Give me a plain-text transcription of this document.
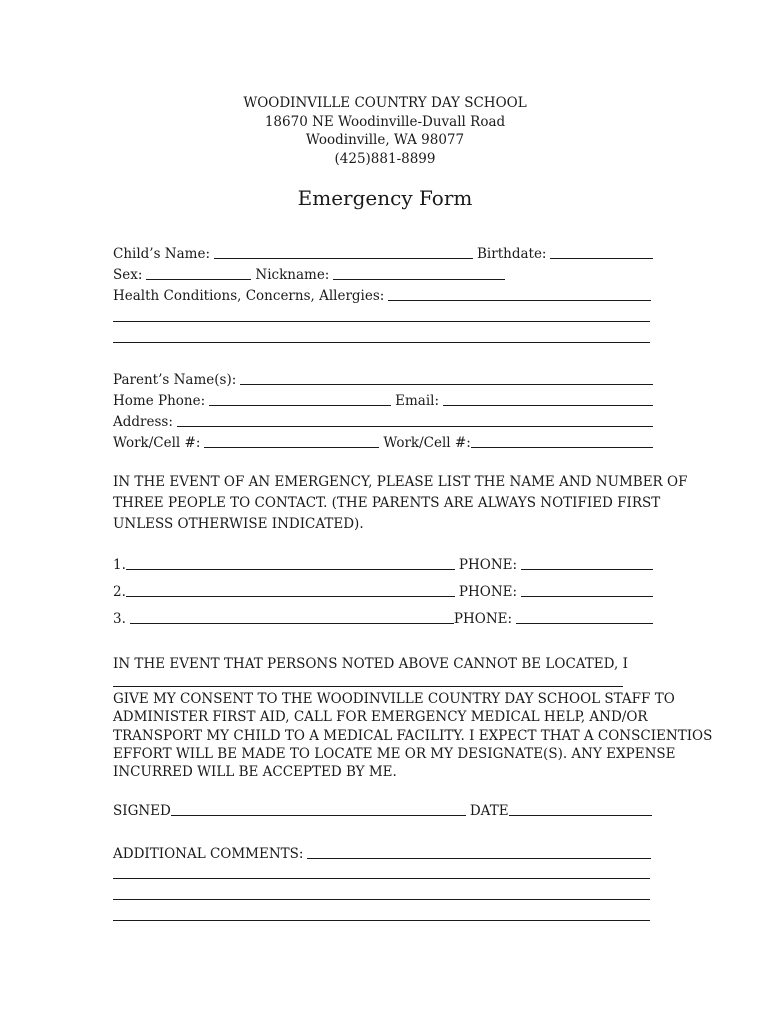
WOODINVILLE COUNTRY DAY SCHOOL
18670 NE Woodinville-Duvall Road
Woodinville, WA 98077
(425)881-8899
Emergency Form
Child’s Name:	Birthdate:
Sex:	Nickname:
Health Conditions, Concerns, Allergies:
Parent’s Name(s):
Home Phone:	Email:
Address:
Work/Cell #:	Work/Cell #:
IN THE EVENT OF AN EMERGENCY, PLEASE LIST THE NAME AND NUMBER OF
THREE PEOPLE TO CONTACT. (THE PARENTS ARE ALWAYS NOTIFIED FIRST
UNLESS OTHERWISE INDICATED).
1.	PHONE:
2.	PHONE:
3.	PHONE:
IN THE EVENT THAT PERSONS NOTED ABOVE CANNOT BE LOCATED, I
GIVE MY CONSENT TO THE WOODINVILLE COUNTRY DAY SCHOOL STAFF TO
ADMINISTER FIRST AID, CALL FOR EMERGENCY MEDICAL HELP, AND/OR
TRANSPORT MY CHILD TO A MEDICAL FACILITY. I EXPECT THAT A CONSCIENTIOS
EFFORT WILL BE MADE TO LOCATE ME OR MY DESIGNATE(S). ANY EXPENSE
INCURRED WILL BE ACCEPTED BY ME.
SIGNED	DATE
ADDITIONAL COMMENTS:
